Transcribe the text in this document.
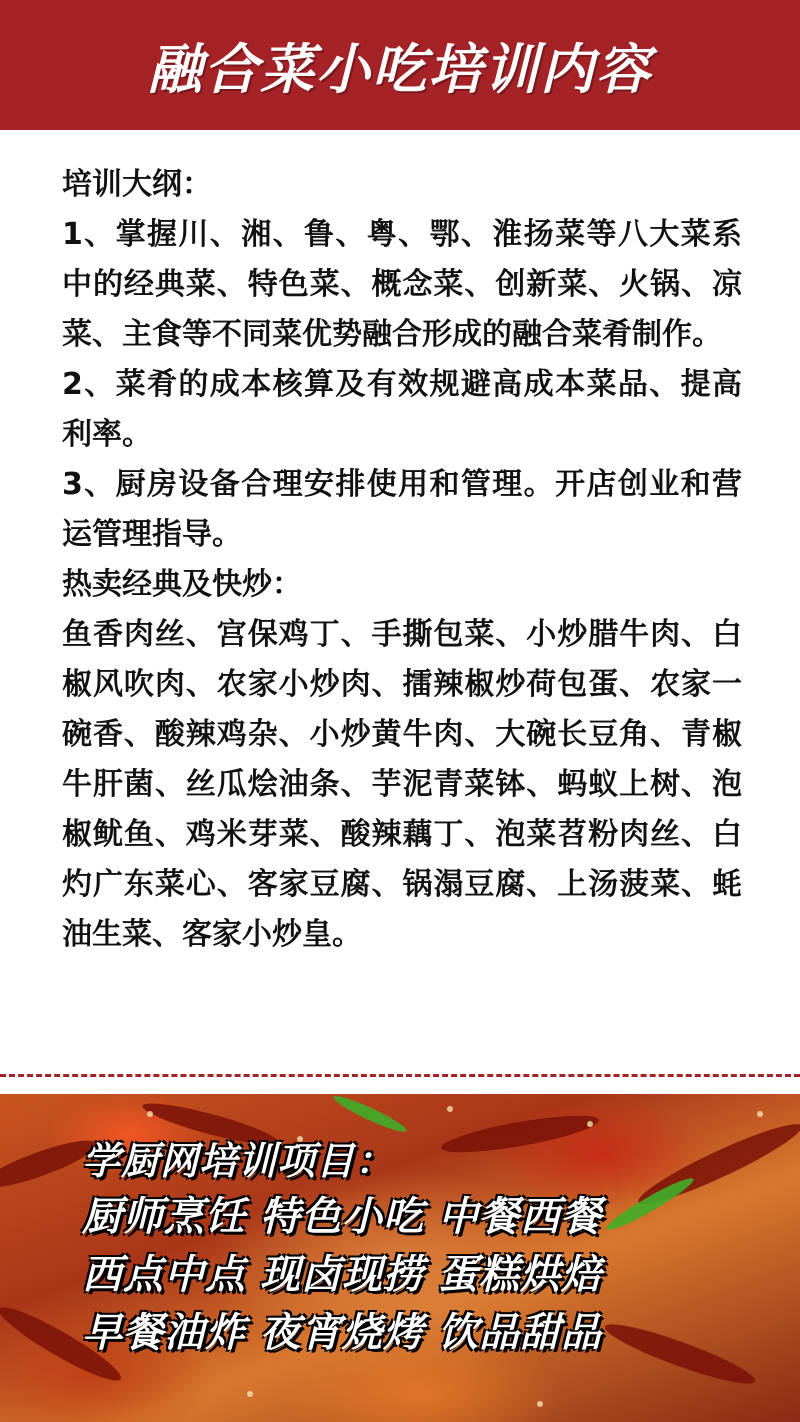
融合菜小吃培训内容

培训大纲：

1、掌握川、湘、鲁、粤、鄂、淮扬菜等八大菜系中的经典菜、特色菜、概念菜、创新菜、火锅、凉菜、主食等不同菜优势融合形成的融合菜肴制作。

2、菜肴的成本核算及有效规避高成本菜品、提高利率。

3、厨房设备合理安排使用和管理。开店创业和营运管理指导。

热卖经典及快炒：

鱼香肉丝、宫保鸡丁、手撕包菜、小炒腊牛肉、白椒风吹肉、农家小炒肉、擂辣椒炒荷包蛋、农家一碗香、酸辣鸡杂、小炒黄牛肉、大碗长豆角、青椒牛肝菌、丝瓜烩油条、芋泥青菜钵、蚂蚁上树、泡椒鱿鱼、鸡米芽菜、酸辣藕丁、泡菜苕粉肉丝、白灼广东菜心、客家豆腐、锅溻豆腐、上汤菠菜、蚝油生菜、客家小炒皇。

学厨网培训项目：
厨师烹饪 特色小吃 中餐西餐
西点中点 现卤现捞 蛋糕烘焙
早餐油炸 夜宵烧烤 饮品甜品
